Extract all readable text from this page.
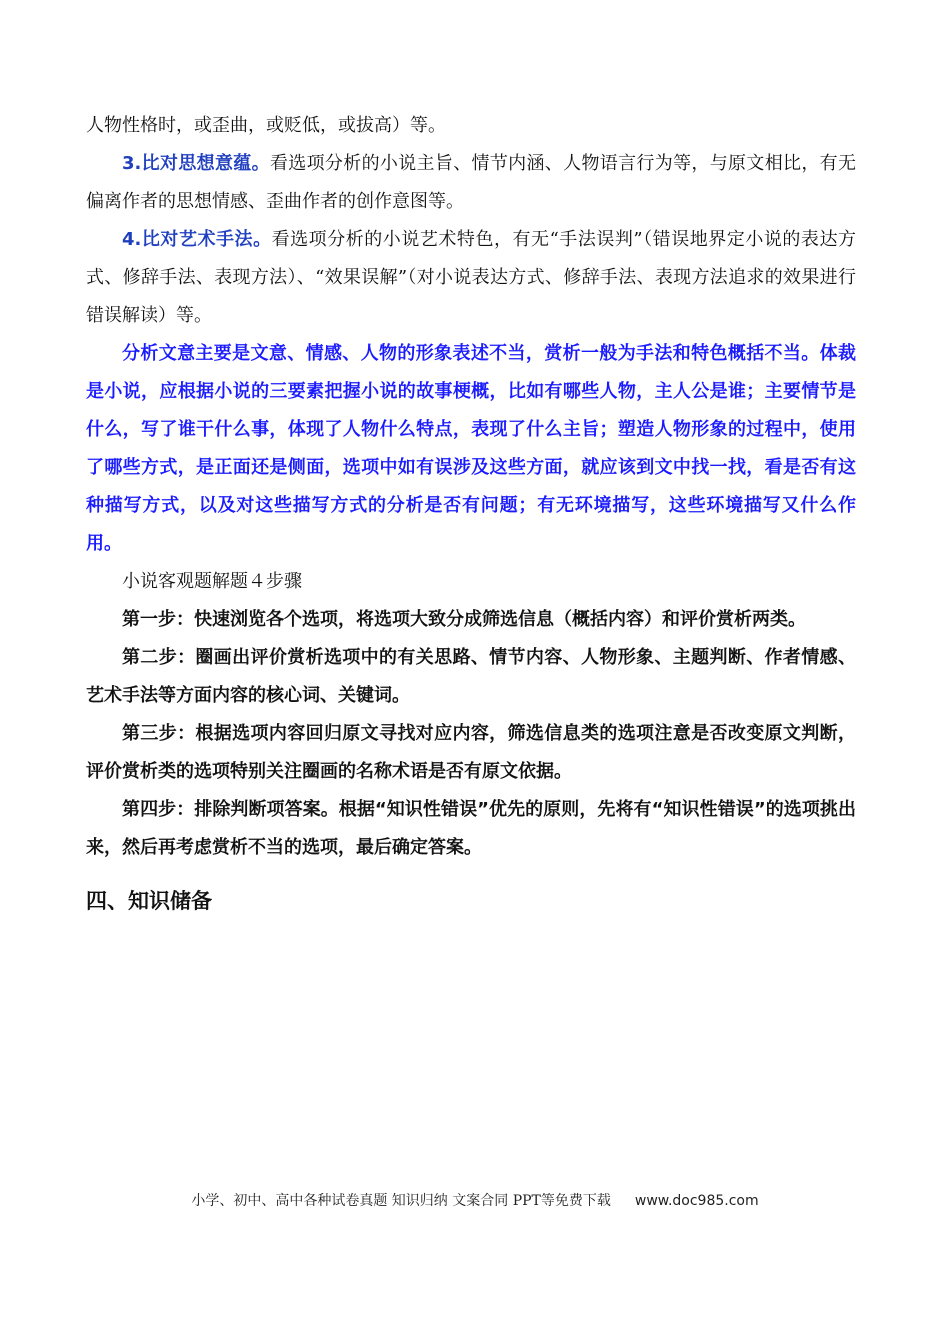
人物性格时，或歪曲，或贬低，或拔高）等。

3.比对思想意蕴。看选项分析的小说主旨、情节内涵、人物语言行为等，与原文相比，有无偏离作者的思想情感、歪曲作者的创作意图等。

4.比对艺术手法。看选项分析的小说艺术特色，有无“手法误判”（错误地界定小说的表达方式、修辞手法、表现方法）、“效果误解”（对小说表达方式、修辞手法、表现方法追求的效果进行错误解读）等。

分析文意主要是文意、情感、人物的形象表述不当，赏析一般为手法和特色概括不当。体裁是小说，应根据小说的三要素把握小说的故事梗概，比如有哪些人物，主人公是谁；主要情节是什么，写了谁干什么事，体现了人物什么特点，表现了什么主旨；塑造人物形象的过程中，使用了哪些方式，是正面还是侧面，选项中如有误涉及这些方面，就应该到文中找一找，看是否有这种描写方式，以及对这些描写方式的分析是否有问题；有无环境描写，这些环境描写又什么作用。

小说客观题解题４步骤

第一步：快速浏览各个选项，将选项大致分成筛选信息（概括内容）和评价赏析两类。

第二步：圈画出评价赏析选项中的有关思路、情节内容、人物形象、主题判断、作者情感、艺术手法等方面内容的核心词、关键词。

第三步：根据选项内容回归原文寻找对应内容，筛选信息类的选项注意是否改变原文判断，评价赏析类的选项特别关注圈画的名称术语是否有原文依据。

第四步：排除判断项答案。根据“知识性错误”优先的原则，先将有“知识性错误”的选项挑出来，然后再考虑赏析不当的选项，最后确定答案。

四、知识储备
小学、初中、高中各种试卷真题 知识归纳 文案合同 PPT等免费下载 www.doc985.com
